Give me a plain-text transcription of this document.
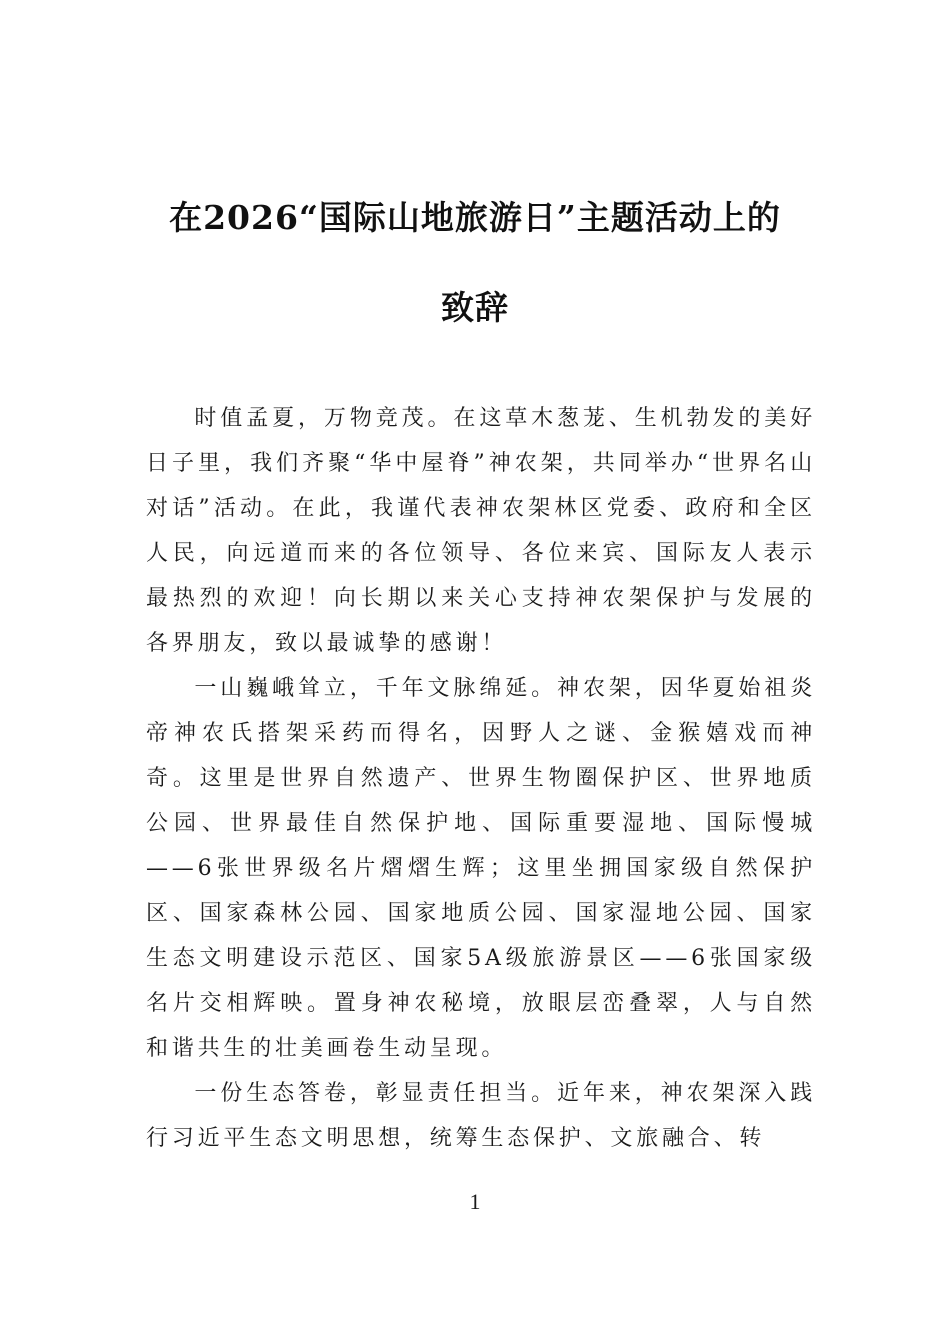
在2026“国际山地旅游日”主题活动上的
致辞

时值孟夏，万物竞茂。在这草木葱茏、生机勃发的美好日子里，我们齐聚“华中屋脊”神农架，共同举办“世界名山对话”活动。在此，我谨代表神农架林区党委、政府和全区人民，向远道而来的各位领导、各位来宾、国际友人表示最热烈的欢迎！向长期以来关心支持神农架保护与发展的各界朋友，致以最诚挚的感谢！

一山巍峨耸立，千年文脉绵延。神农架，因华夏始祖炎帝神农氏搭架采药而得名，因野人之谜、金猴嬉戏而神奇。这里是世界自然遗产、世界生物圈保护区、世界地质公园、世界最佳自然保护地、国际重要湿地、国际慢城——6张世界级名片熠熠生辉；这里坐拥国家级自然保护区、国家森林公园、国家地质公园、国家湿地公园、国家生态文明建设示范区、国家5A级旅游景区——6张国家级名片交相辉映。置身神农秘境，放眼层峦叠翠，人与自然和谐共生的壮美画卷生动呈现。

一份生态答卷，彰显责任担当。近年来，神农架深入践行习近平生态文明思想，统筹生态保护、文旅融合、转

1
